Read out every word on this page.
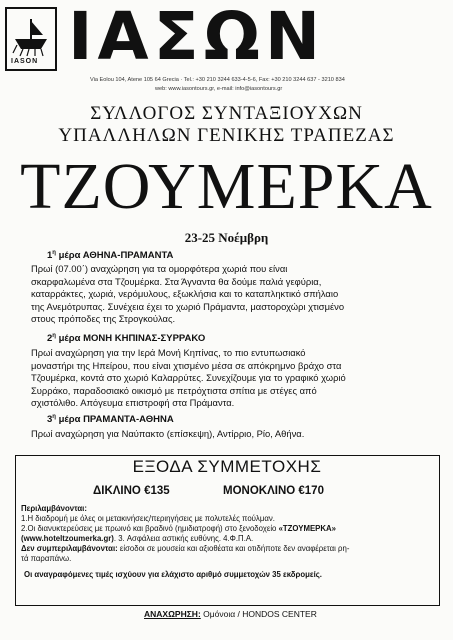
IASON ΙΑΣΩΝ
Via Eolou 104, Atene 105 64 Grecia · Tel.: +30 210 3244 633-4-5-6, Fax: +30 210 3244 637 - 3210 834
web: www.iasontours.gr, e-mail: info@iasontours.gr
ΣΥΛΛΟΓΟΣ ΣΥΝΤΑΞΙΟΥΧΩΝ
ΥΠΑΛΛΗΛΩΝ ΓΕΝΙΚΗΣ ΤΡΑΠΕΖΑΣ
ΤΖΟΥΜΕΡΚΑ
23-25 Νοέμβρη
$1^\eta$ μέρα ΑΘΗΝΑ-ΠΡΑΜΑΝΤΑ
Πρωί (07.00΄) αναχώρηση για τα ομορφότερα χωριά που είναι
σκαρφαλωμένα στα Τζουμέρκα. Στα Άγναντα θα δούμε παλιά γεφύρια,
καταρράκτες, χωριά, νερόμυλους, εξωκλήσια και το καταπληκτικό σπήλαιο
της Ανεμότρυπας. Συνέχεια έχει το χωριό Πράμαντα, μαστοροχώρι χτισμένο
στους πρόποδες της Στρογκούλας.
$2^\eta$ μέρα ΜΟΝΗ ΚΗΠΙΝΑΣ-ΣΥΡΡΑΚΟ
Πρωί αναχώρηση για την Ιερά Μονή Κηπίνας, το πιο εντυπωσιακό
μοναστήρι της Ηπείρου, που είναι χτισμένο μέσα σε απόκρημνο βράχο στα
Τζουμέρκα, κοντά στο χωριό Καλαρρύτες. Συνεχίζουμε για το γραφικό χωριό
Συρράκο, παραδοσιακό οικισμό με πετρόχτιστα σπίτια με στέγες από
σχιστόλιθο. Απόγευμα επιστροφή στα Πράμαντα.
$3^\eta$ μέρα ΠΡΑΜΑΝΤΑ-ΑΘΗΝΑ
Πρωί αναχώρηση για Ναύπακτο (επίσκεψη), Αντίρριο, Ρίο, Αθήνα.
ΕΞΟΔΑ ΣΥΜΜΕΤΟΧΗΣ
ΔΙΚΛΙΝΟ €135	ΜΟΝΟΚΛΙΝΟ €170
Περιλαμβάνονται:
1.Η διαδρομή με όλες οι μετακινήσεις/περιηγήσεις με πολυτελές πούλμαν.
2.Οι διανυκτερεύσεις με πρωινό και βραδινό (ημιδιατροφή) στο ξενοδοχείο «ΤΖΟΥΜΕΡΚΑ»
(www.hoteltzoumerka.gr). 3. Ασφάλεια αστικής ευθύνης. 4.Φ.Π.Α.
Δεν συμπεριλαμβάνονται: είσοδοι σε μουσεία και αξιοθέατα και οτιδήποτε δεν αναφέρεται ρη-
τά παραπάνω.
Οι αναγραφόμενες τιμές ισχύουν για ελάχιστο αριθμό συμμετοχών 35 εκδρομείς.
ΑΝΑΧΩΡΗΣΗ: Ομόνοια / HONDOS CENTER
